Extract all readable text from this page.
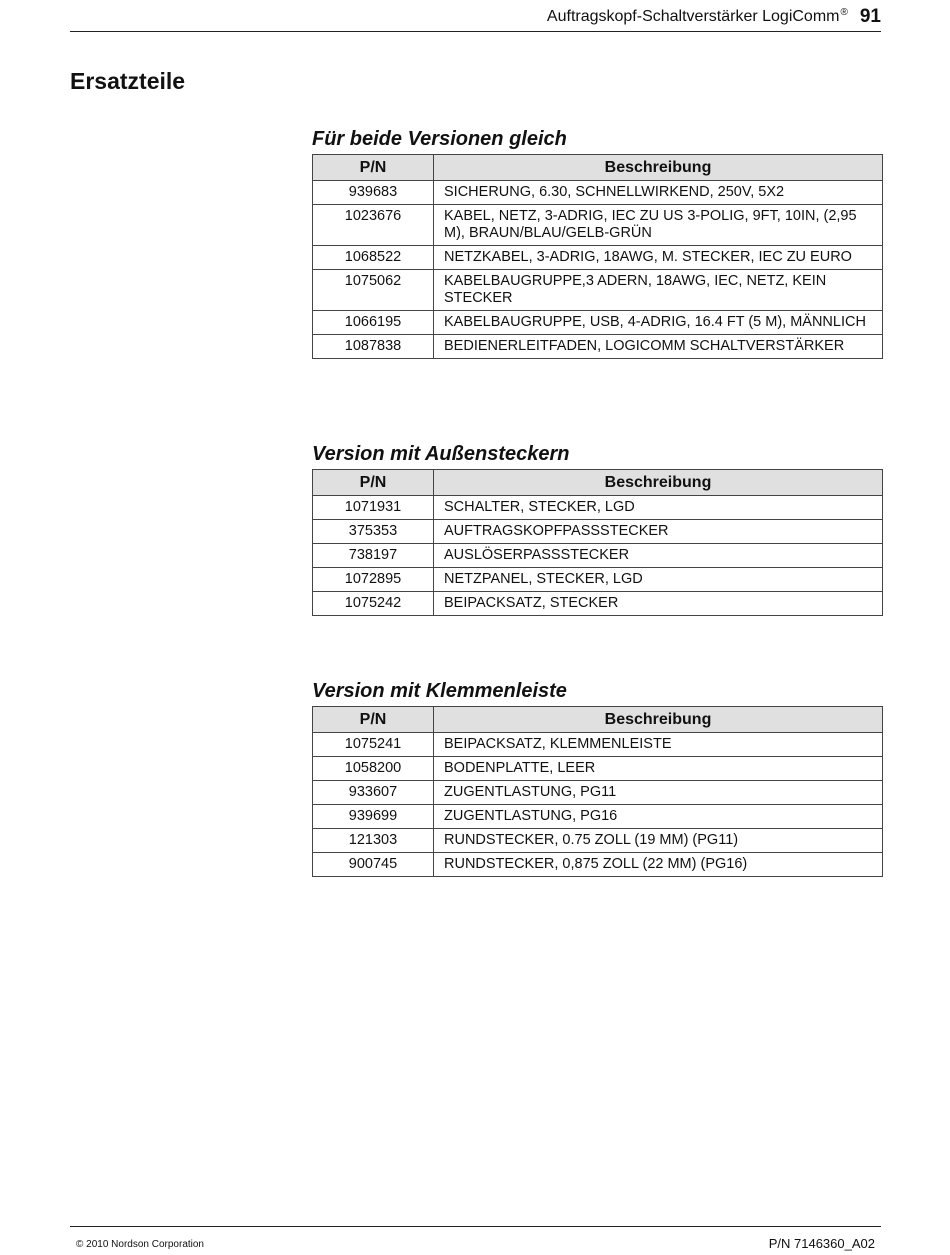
Auftragskopf-Schaltverstärker LogiComm® 91
Ersatzteile
Für beide Versionen gleich
P/N	Beschreibung
939683	SICHERUNG, 6.30, SCHNELLWIRKEND, 250V, 5X2
1023676	KABEL, NETZ, 3-ADRIG, IEC ZU US 3-POLIG, 9FT, 10IN, (2,95 M), BRAUN/BLAU/GELB-GRÜN
1068522	NETZKABEL, 3-ADRIG, 18AWG, M. STECKER, IEC ZU EURO
1075062	KABELBAUGRUPPE,3 ADERN, 18AWG, IEC, NETZ, KEIN STECKER
1066195	KABELBAUGRUPPE, USB, 4-ADRIG, 16.4 FT (5 M), MÄNNLICH
1087838	BEDIENERLEITFADEN, LOGICOMM SCHALTVERSTÄRKER
Version mit Außensteckern
P/N	Beschreibung
1071931	SCHALTER, STECKER, LGD
375353	AUFTRAGSKOPFPASSSTECKER
738197	AUSLÖSERPASSSTECKER
1072895	NETZPANEL, STECKER, LGD
1075242	BEIPACKSATZ, STECKER
Version mit Klemmenleiste
P/N	Beschreibung
1075241	BEIPACKSATZ, KLEMMENLEISTE
1058200	BODENPLATTE, LEER
933607	ZUGENTLASTUNG, PG11
939699	ZUGENTLASTUNG, PG16
121303	RUNDSTECKER, 0.75 ZOLL (19 MM) (PG11)
900745	RUNDSTECKER, 0,875 ZOLL (22 MM) (PG16)
© 2010 Nordson Corporation	P/N 7146360_A02
